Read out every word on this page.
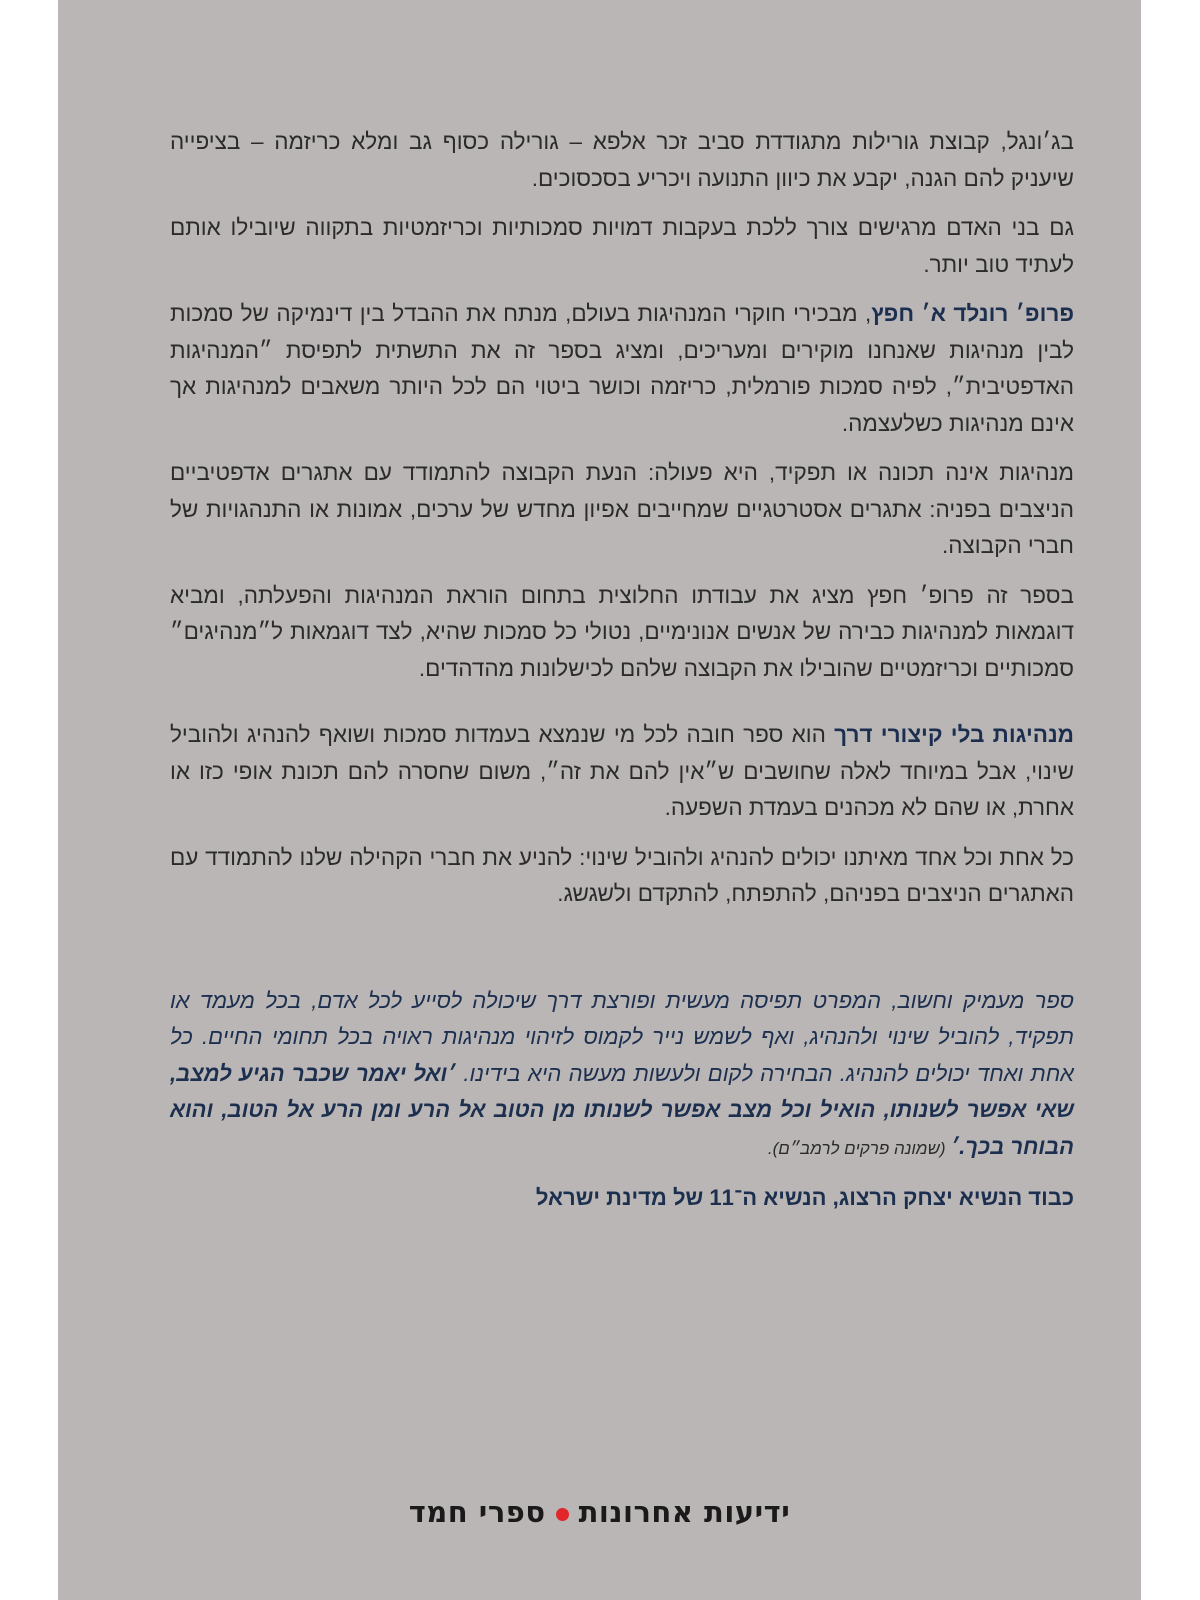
בג׳ונגל, קבוצת גורילות מתגודדת סביב זכר אלפא – גורילה כסוף גב ומלא כריזמה – בציפייה שיעניק להם הגנה, יקבע את כיוון התנועה ויכריע בסכסוכים.

גם בני האדם מרגישים צורך ללכת בעקבות דמויות סמכותיות וכריזמטיות בתקווה שיובילו אותם לעתיד טוב יותר.

פרופ׳ רונלד א׳ חפץ, מבכירי חוקרי המנהיגות בעולם, מנתח את ההבדל בין דינמיקה של סמכות לבין מנהיגות שאנחנו מוקירים ומעריכים, ומציג בספר זה את התשתית לתפיסת ״המנהיגות האדפטיבית״, לפיה סמכות פורמלית, כריזמה וכושר ביטוי הם לכל היותר משאבים למנהיגות אך אינם מנהיגות כשלעצמה.

מנהיגות אינה תכונה או תפקיד, היא פעולה: הנעת הקבוצה להתמודד עם אתגרים אדפטיביים הניצבים בפניה: אתגרים אסטרטגיים שמחייבים אפיון מחדש של ערכים, אמונות או התנהגויות של חברי הקבוצה.

בספר זה פרופ׳ חפץ מציג את עבודתו החלוצית בתחום הוראת המנהיגות והפעלתה, ומביא דוגמאות למנהיגות כבירה של אנשים אנונימיים, נטולי כל סמכות שהיא, לצד דוגמאות ל״מנהיגים״ סמכותיים וכריזמטיים שהובילו את הקבוצה שלהם לכישלונות מהדהדים.

מנהיגות בלי קיצורי דרך הוא ספר חובה לכל מי שנמצא בעמדות סמכות ושואף להנהיג ולהוביל שינוי, אבל במיוחד לאלה שחושבים ש״אין להם את זה״, משום שחסרה להם תכונת אופי כזו או אחרת, או שהם לא מכהנים בעמדת השפעה.

כל אחת וכל אחד מאיתנו יכולים להנהיג ולהוביל שינוי: להניע את חברי הקהילה שלנו להתמודד עם האתגרים הניצבים בפניהם, להתפתח, להתקדם ולשגשג.

ספר מעמיק וחשוב, המפרט תפיסה מעשית ופורצת דרך שיכולה לסייע לכל אדם, בכל מעמד או תפקיד, להוביל שינוי ולהנהיג, ואף לשמש נייר לקמוס לזיהוי מנהיגות ראויה בכל תחומי החיים. כל אחת ואחד יכולים להנהיג. הבחירה לקום ולעשות מעשה היא בידינו. ׳ואל יאמר שכבר הגיע למצב, שאי אפשר לשנותו, הואיל וכל מצב אפשר לשנותו מן הטוב אל הרע ומן הרע אל הטוב, והוא הבוחר בכך.׳ (שמונה פרקים לרמב״ם).

כבוד הנשיא יצחק הרצוג, הנשיא ה־11 של מדינת ישראל

ידיעות אחרונותספרי חמד
